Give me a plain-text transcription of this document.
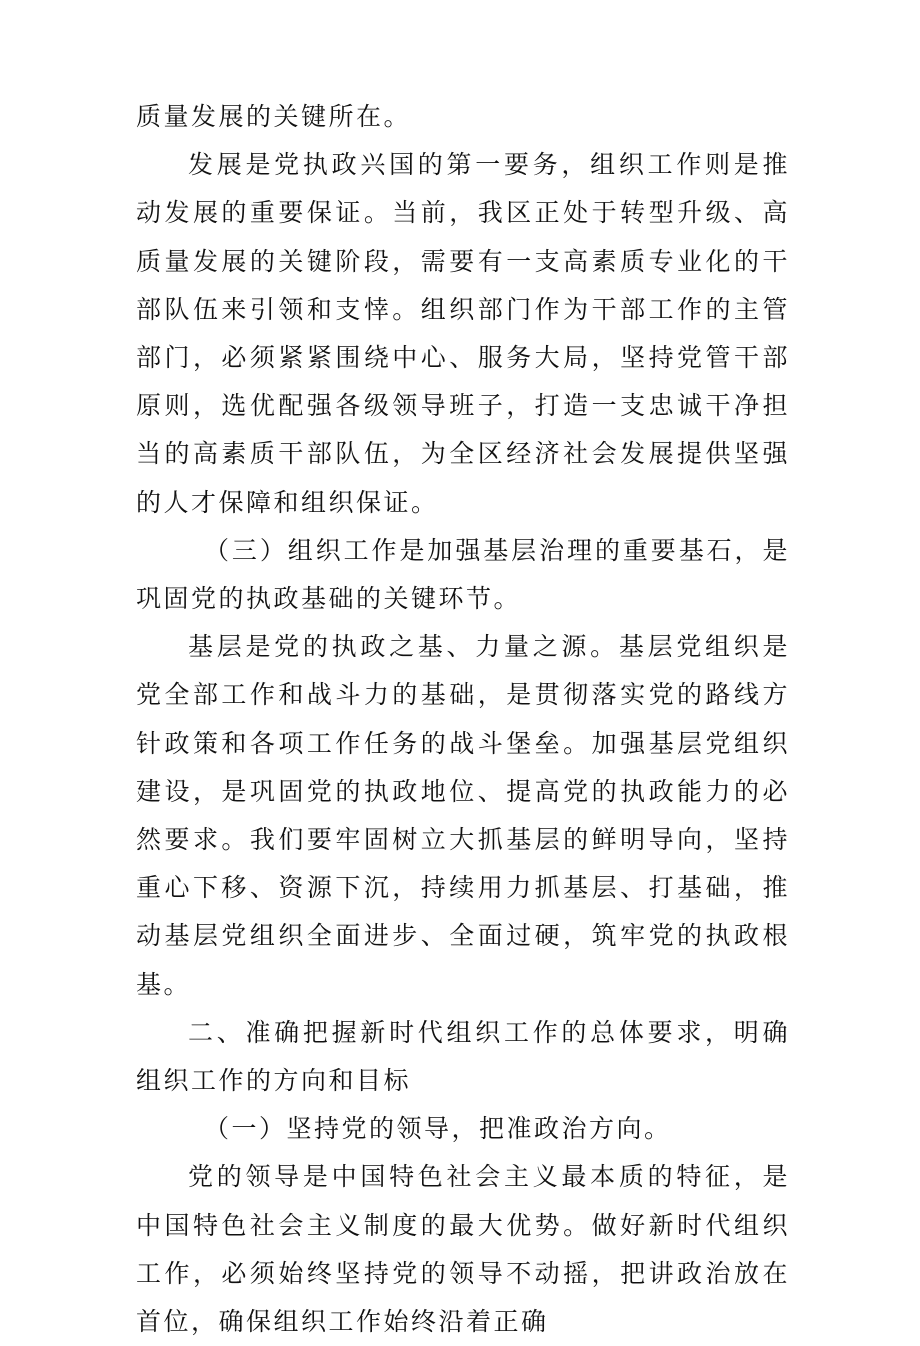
质量发展的关键所在。

发展是党执政兴国的第一要务，组织工作则是推动发展的重要保证。当前，我区正处于转型升级、高质量发展的关键阶段，需要有一支高素质专业化的干部队伍来引领和支悻。组织部门作为干部工作的主管部门，必须紧紧围绕中心、服务大局，坚持党管干部原则，选优配强各级领导班子，打造一支忠诚干净担当的高素质干部队伍，为全区经济社会发展提供坚强的人才保障和组织保证。

（三）组织工作是加强基层治理的重要基石，是巩固党的执政基础的关键环节。

基层是党的执政之基、力量之源。基层党组织是党全部工作和战斗力的基础，是贯彻落实党的路线方针政策和各项工作任务的战斗堡垒。加强基层党组织建设，是巩固党的执政地位、提高党的执政能力的必然要求。我们要牢固树立大抓基层的鲜明导向，坚持重心下移、资源下沉，持续用力抓基层、打基础，推动基层党组织全面进步、全面过硬，筑牢党的执政根基。

二、准确把握新时代组织工作的总体要求，明确组织工作的方向和目标

（一）坚持党的领导，把准政治方向。

党的领导是中国特色社会主义最本质的特征，是中国特色社会主义制度的最大优势。做好新时代组织工作，必须始终坚持党的领导不动摇，把讲政治放在首位，确保组织工作始终沿着正确
